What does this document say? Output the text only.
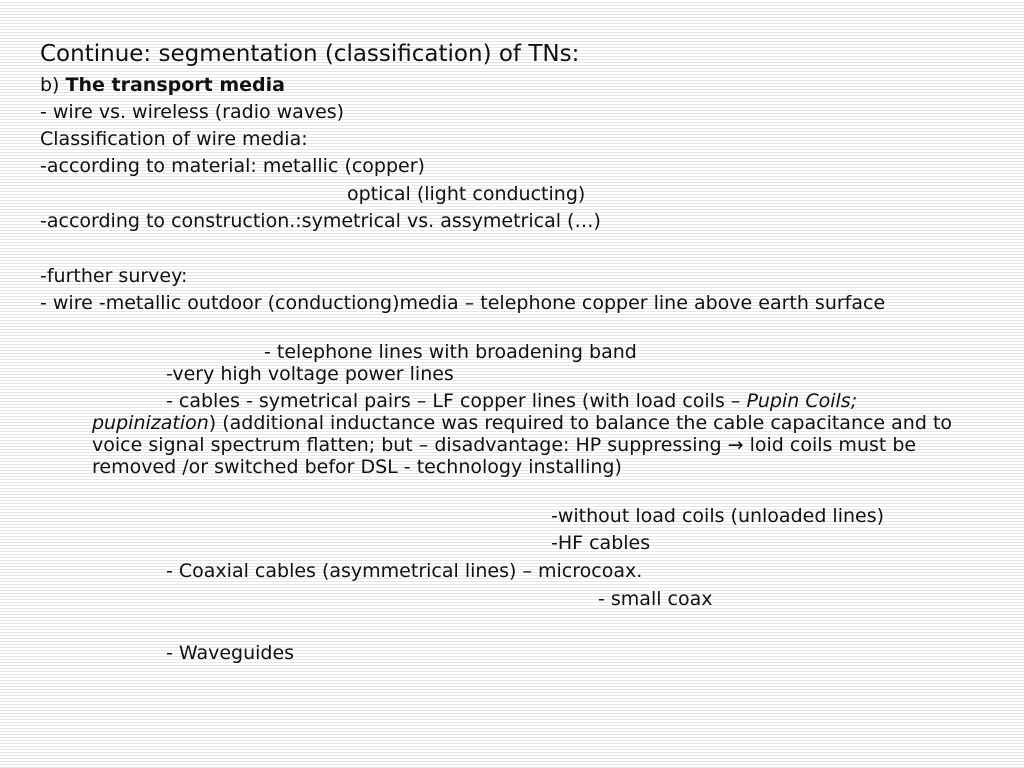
Continue: segmentation (classification) of TNs:
b) The transport media
- wire vs. wireless (radio waves)
Classification of wire media:
-according to material: metallic (copper)
optical (light conducting)
-according to construction.:symetrical vs. assymetrical (…)
-further survey:
- wire -metallic outdoor (conductiong)media – telephone copper line above earth surface
- telephone lines with broadening band
-very high voltage power lines
- cables - symetrical pairs – LF copper lines (with load coils – Pupin Coils; pupinization) (additional inductance was required to balance the cable capacitance and to voice signal spectrum flatten; but – disadvantage: HP suppressing → loid coils must be removed /or switched befor DSL - technology installing)
-without load coils (unloaded lines)
-HF cables
- Coaxial cables (asymmetrical lines) – microcoax.
- small coax
- Waveguides
